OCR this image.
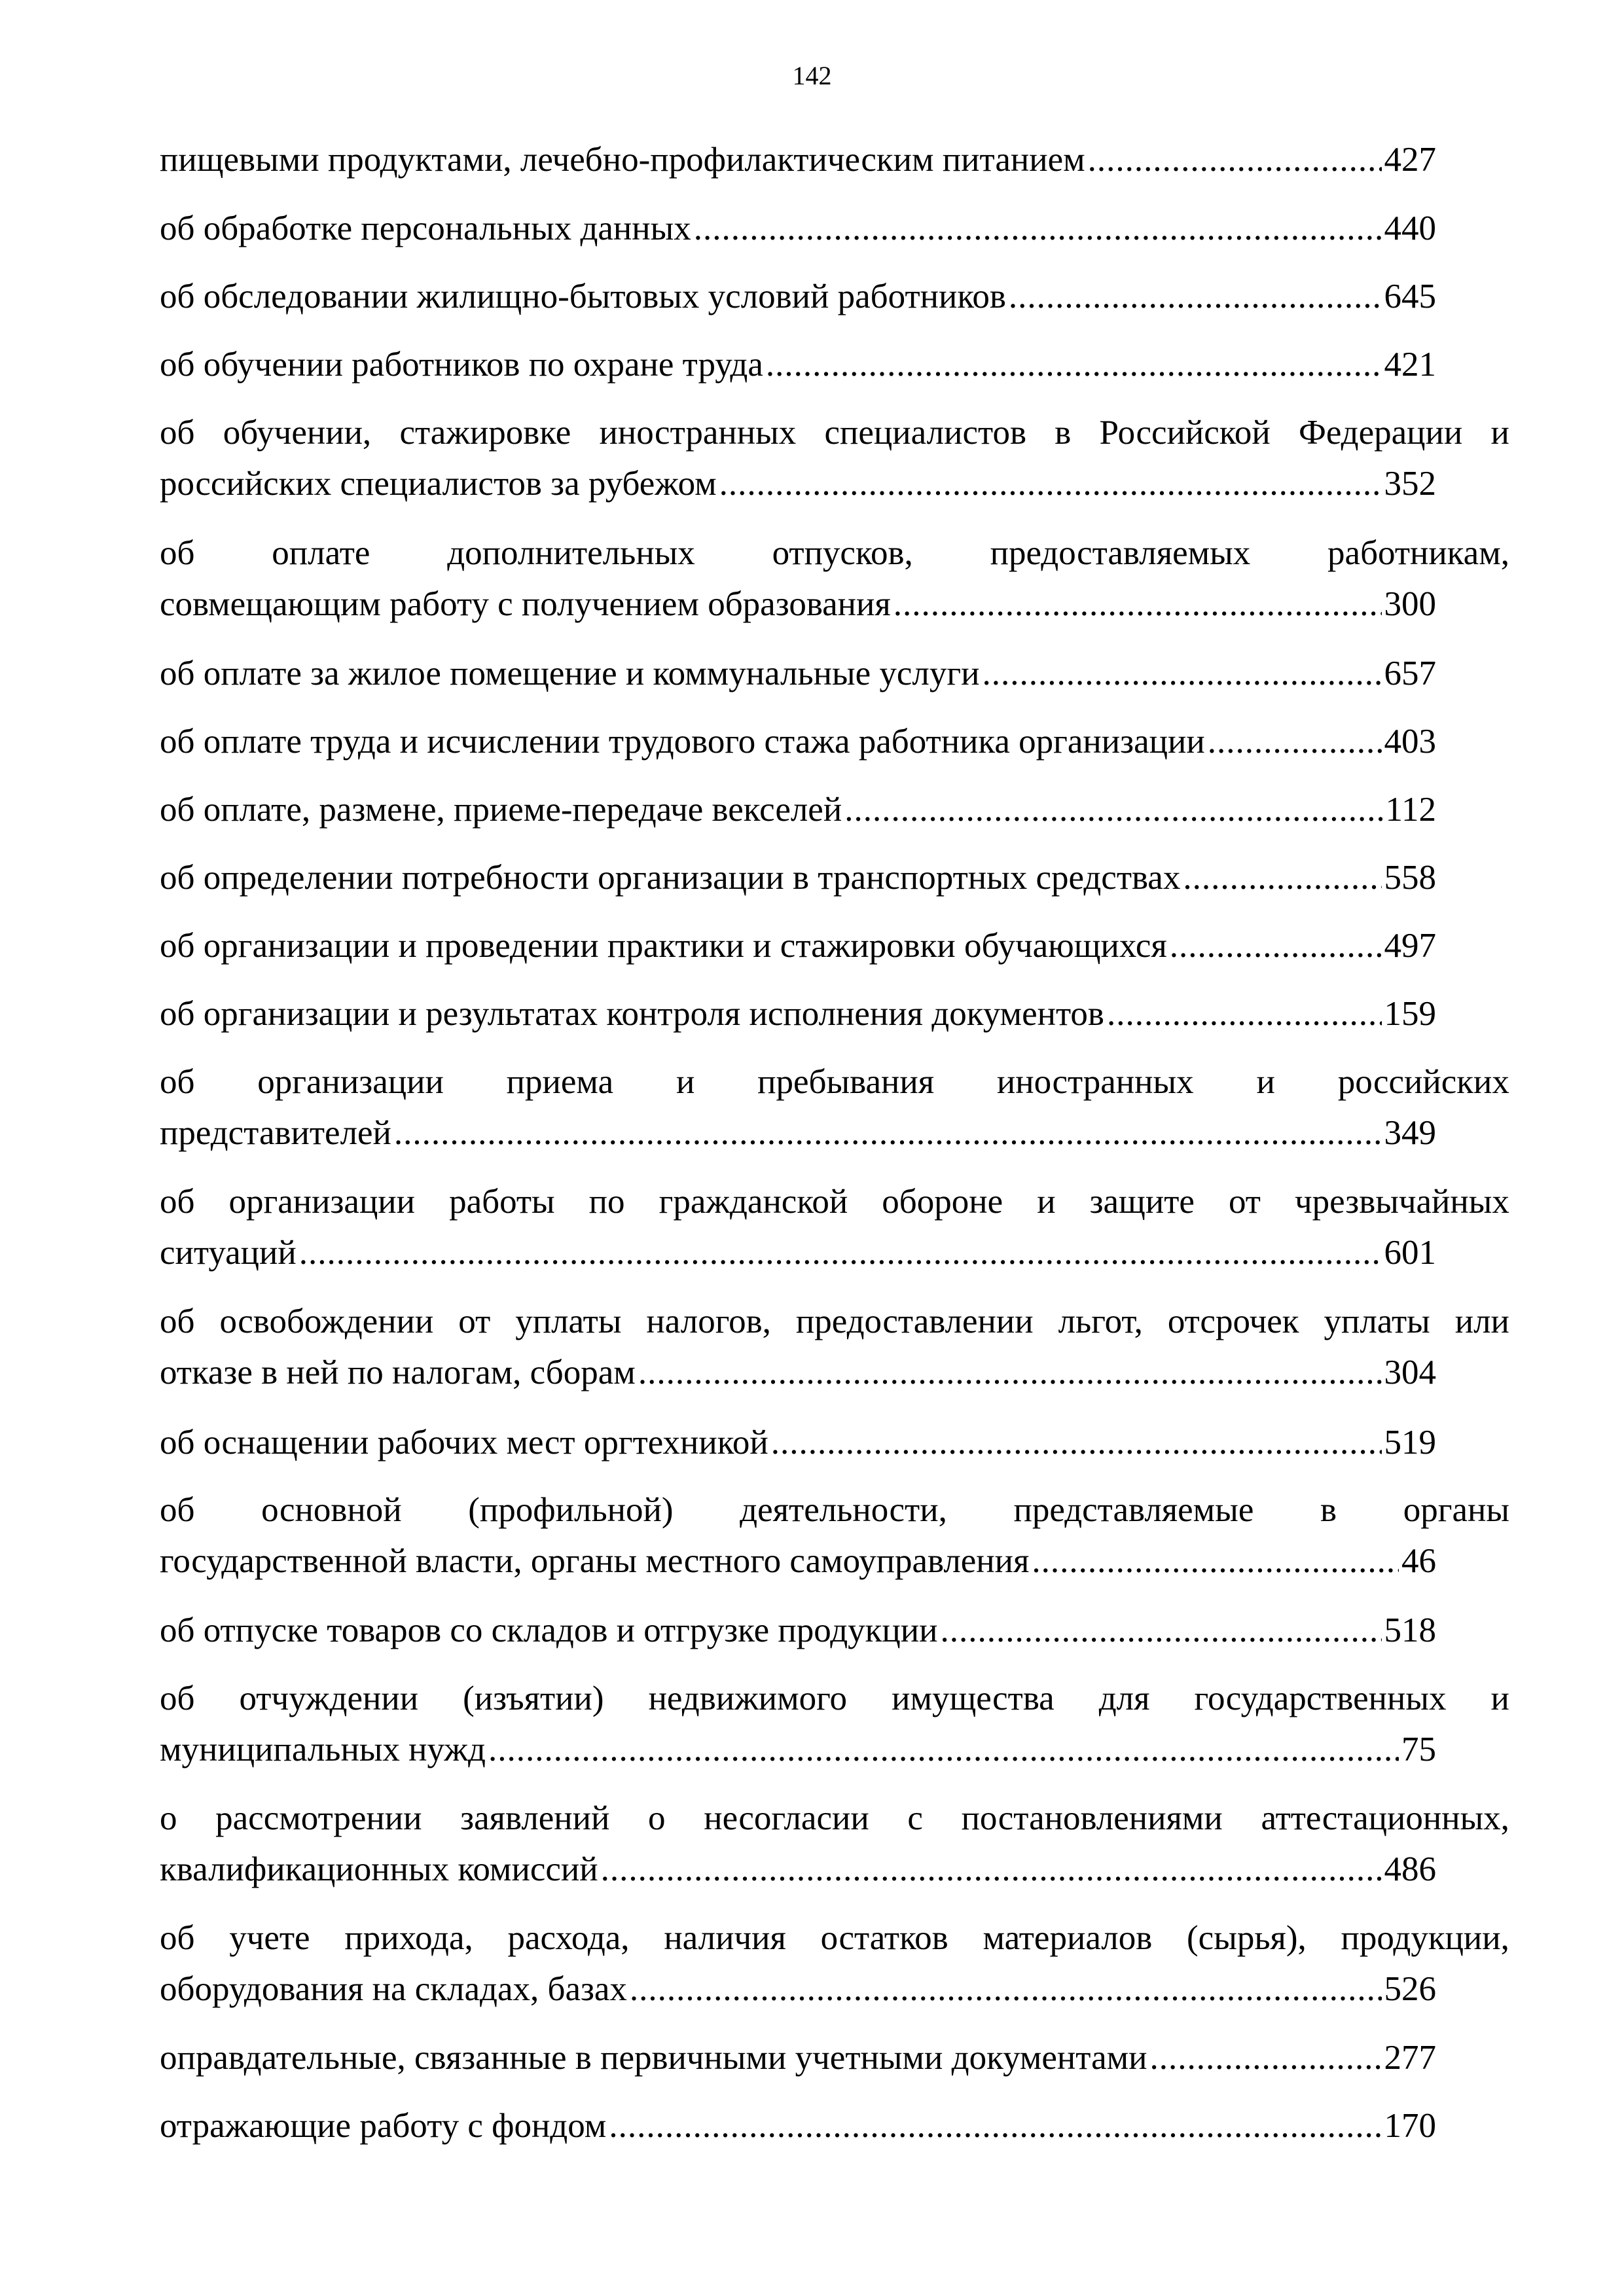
142
пищевыми продуктами, лечебно-профилактическим питанием .....	427
об обработке персональных данных .....	440
об обследовании жилищно-бытовых условий работников .....	645
об обучении работников по охране труда .....	421
об обучении, стажировке иностранных специалистов в Российской Федерации и
российских специалистов за рубежом .....	352
об оплате дополнительных отпусков, предоставляемых работникам,
совмещающим работу с получением образования .....	300
об оплате за жилое помещение и коммунальные услуги .....	657
об оплате труда и исчислении трудового стажа работника организации .....	403
об оплате, размене, приеме-передаче векселей .....	112
об определении потребности организации в транспортных средствах .....	558
об организации и проведении практики и стажировки обучающихся .....	497
об организации и результатах контроля исполнения документов .....	159
об организации приема и пребывания иностранных и российских
представителей .....	349
об организации работы по гражданской обороне и защите от чрезвычайных
ситуаций .....	601
об освобождении от уплаты налогов, предоставлении льгот, отсрочек уплаты или
отказе в ней по налогам, сборам .....	304
об оснащении рабочих мест оргтехникой .....	519
об основной (профильной) деятельности, представляемые в органы
государственной власти, органы местного самоуправления .....	46
об отпуске товаров со складов и отгрузке продукции .....	518
об отчуждении (изъятии) недвижимого имущества для государственных и
муниципальных нужд .....	75
о рассмотрении заявлений о несогласии с постановлениями аттестационных,
квалификационных комиссий .....	486
об учете прихода, расхода, наличия остатков материалов (сырья), продукции,
оборудования на складах, базах .....	526
оправдательные, связанные в первичными учетными документами .....	277
отражающие работу с фондом .....	170
